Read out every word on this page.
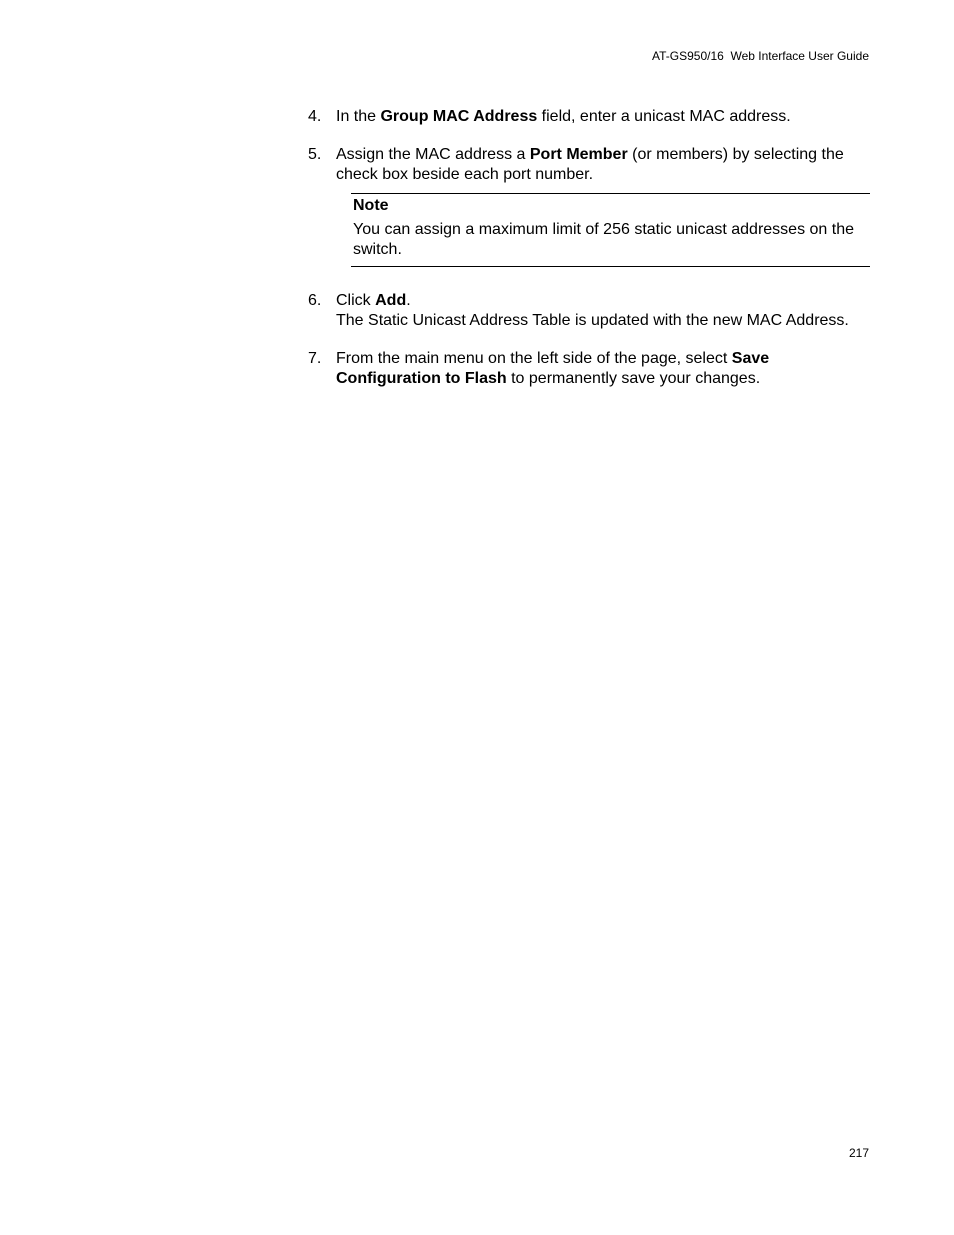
AT-GS950/16  Web Interface User Guide
4. In the Group MAC Address field, enter a unicast MAC address.
5. Assign the MAC address a Port Member (or members) by selecting the check box beside each port number.
Note
You can assign a maximum limit of 256 static unicast addresses on the switch.
6. Click Add.
The Static Unicast Address Table is updated with the new MAC Address.
7. From the main menu on the left side of the page, select Save Configuration to Flash to permanently save your changes.
217
